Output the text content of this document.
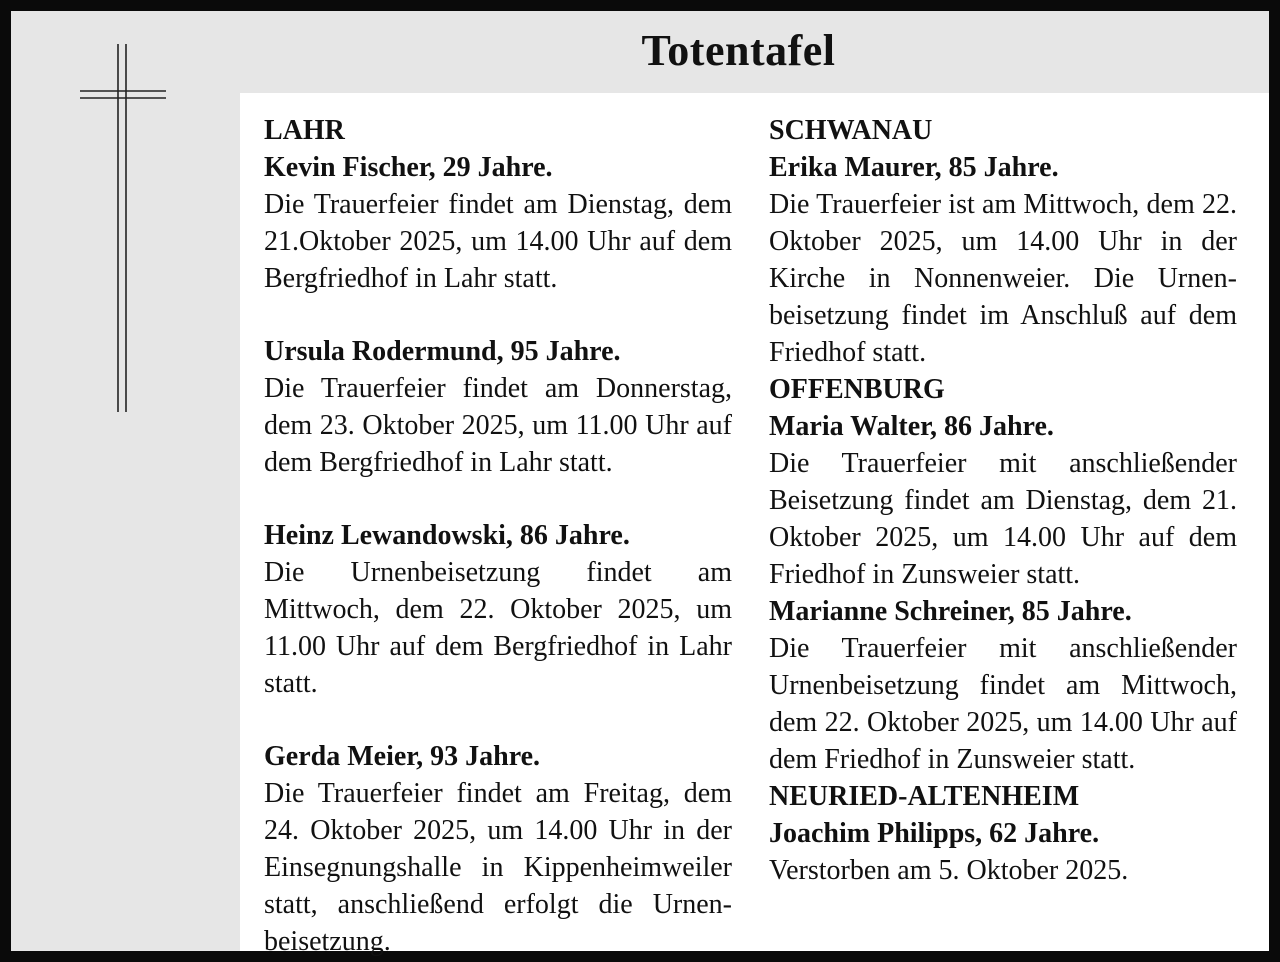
Totentafel

LAHR

Kevin Fischer, 29 Jahre.

Die Trauerfeier findet am Dienstag, dem 21.Oktober 2025, um 14.00 Uhr auf dem Bergfriedhof in Lahr statt.

Ursula Rodermund, 95 Jahre.

Die Trauerfeier findet am Donnerstag, dem 23. Oktober 2025, um 11.00 Uhr auf dem Bergfriedhof in Lahr statt.

Heinz Lewandowski, 86 Jahre.

Die Urnenbeisetzung findet am Mittwoch, dem 22. Oktober 2025, um 11.00 Uhr auf dem Bergfriedhof in Lahr statt.

Gerda Meier, 93 Jahre.

Die Trauerfeier findet am Freitag, dem 24. Oktober 2025, um 14.00 Uhr in der Einsegnungshalle in Kippenheimweiler statt, anschließend erfolgt die Urnen-beisetzung.

SCHWANAU

Erika Maurer, 85 Jahre.

Die Trauerfeier ist am Mittwoch, dem 22. Oktober 2025, um 14.00 Uhr in der Kirche in Nonnenweier. Die Urnen-beisetzung findet im Anschluß auf dem Friedhof statt.

OFFENBURG

Maria Walter, 86 Jahre.

Die Trauerfeier mit anschließender Beisetzung findet am Dienstag, dem 21. Oktober 2025, um 14.00 Uhr auf dem Friedhof in Zunsweier statt.

Marianne Schreiner, 85 Jahre.

Die Trauerfeier mit anschließender Urnenbeisetzung findet am Mittwoch, dem 22. Oktober 2025, um 14.00 Uhr auf dem Friedhof in Zunsweier statt.

NEURIED-ALTENHEIM

Joachim Philipps, 62 Jahre.

Verstorben am 5. Oktober 2025.
